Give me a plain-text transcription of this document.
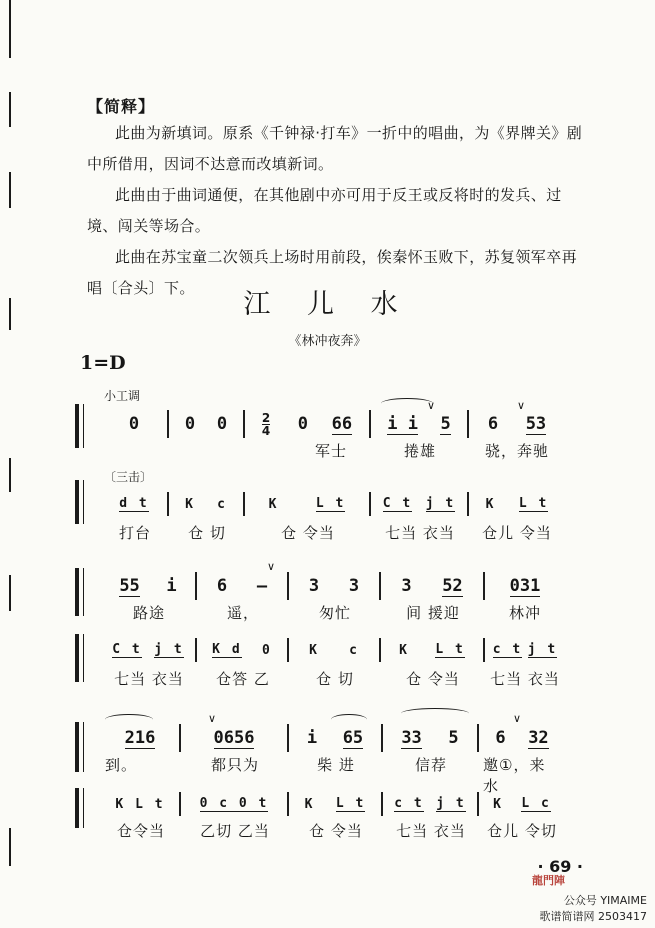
【简释】
此曲为新填词。原系《千钟禄·打车》一折中的唱曲，为《界牌关》剧中所借用，因词不达意而改填新词。
此曲由于曲词通便，在其他剧中亦可用于反王或反将时的发兵、过境、闯关等场合。
此曲在苏宝童二次领兵上场时用前段，俟秦怀玉败下，苏复领军卒再唱〔合头〕下。
江 儿 水
《林冲夜奔》
1=D
小工调
〔三击〕
0	0 0	2
4 0 66 i i 5 6 53
∨	∨
军士	捲雄	骁，奔驰
d t	K c	K	L t	C t j t K L t
打台	仓 切	仓 令当	七当 衣当	仓儿 令当
55 i 6 – 3 3 3 52	031
∨
路途	遥，	匆忙	间 援迎	林冲
C t j t K d 0	K c	K L t c t j t
七当 衣当	仓答 乙	仓 切	仓 令当	七当 衣当
∨	∨
216	0656	i 65 33 5 6 32
到。	都只为	柴 进	信荐	邀①，来水
K L t	0 c 0 t	K L t c t j t K L c
仓令当	乙切 乙当	仓 令当	七当 衣当	仓儿 令切
· 69 ·
龍門陣
公众号 YIMAIME
歌谱简谱网 2503417
